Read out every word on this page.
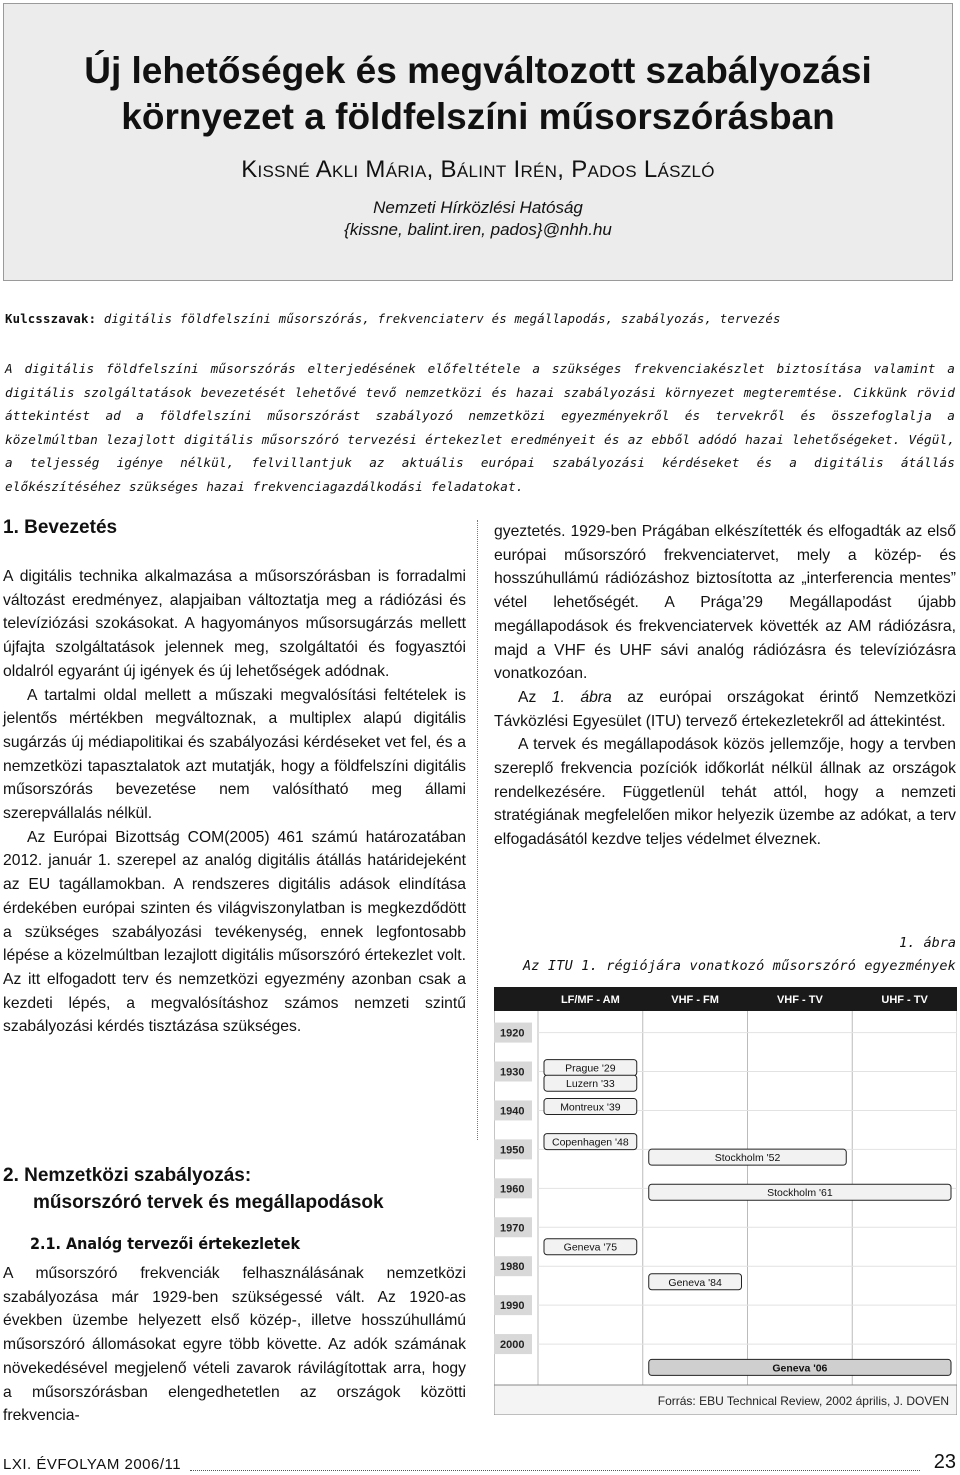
Új lehetőségek és megváltozott szabályozási
környezet a földfelszíni műsorszórásban
KISSNÉ AKLI MÁRIA, BÁLINT IRÉN, PADOS LÁSZLÓ
Nemzeti Hírközlési Hatóság
{kissne, balint.iren, pados}@nhh.hu
Kulcsszavak: digitális földfelszíni műsorszórás, frekvenciaterv és megállapodás, szabályozás, tervezés
A digitális földfelszíni műsorszórás elterjedésének előfeltétele a szükséges frekvenciakészlet biztosítása valamint a digitális szolgáltatások bevezetését lehetővé tevő nemzetközi és hazai szabályozási környezet megteremtése. Cikkünk rövid áttekintést ad a földfelszíni műsorszórást szabályozó nemzetközi egyezményekről és tervekről és összefoglalja a közelmúltban lezajlott digitális műsorszóró tervezési értekezlet eredményeit és az ebből adódó hazai lehetőségeket. Végül, a teljesség igénye nélkül, felvillantjuk az aktuális európai szabályozási kérdéseket és a digitális átállás előkészítéséhez szükséges hazai frekvenciagazdálkodási feladatokat.
1. Bevezetés

A digitális technika alkalmazása a műsorszórásban is forradalmi változást eredményez, alapjaiban változtatja meg a rádiózási és televíziózási szokásokat. A hagyományos műsorsugárzás mellett újfajta szolgáltatások jelennek meg, szolgáltatói és fogyasztói oldalról egyaránt új igények és új lehetőségek adódnak.

A tartalmi oldal mellett a műszaki megvalósítási feltételek is jelentős mértékben megváltoznak, a multiplex alapú digitális sugárzás új médiapolitikai és szabályozási kérdéseket vet fel, és a nemzetközi tapasztalatok azt mutatják, hogy a földfelszíni digitális műsorszórás bevezetése nem valósítható meg állami szerepvállalás nélkül.

Az Európai Bizottság COM(2005) 461 számú határozatában 2012. január 1. szerepel az analóg digitális átállás határidejeként az EU tagállamokban. A rendszeres digitális adások elindítása érdekében európai szinten és világviszonylatban is megkezdődött a szükséges szabályozási tevékenység, ennek legfontosabb lépése a közelmúltban lezajlott digitális műsorszóró értekezlet volt. Az itt elfogadott terv és nemzetközi egyezmény azonban csak a kezdeti lépés, a megvalósításhoz számos nemzeti szintű szabályozási kérdés tisztázása szükséges.

2. Nemzetközi szabályozás:
műsorszóró tervek és megállapodások
2.1. Analóg tervezői értekezletek

A műsorszóró frekvenciák felhasználásának nemzetközi szabályozása már 1929-ben szükségessé vált. Az 1920-as években üzembe helyezett első közép-, illetve hosszúhullámú műsorszóró állomásokat egyre több követte. Az adók számának növekedésével megjelenő vételi zavarok rávilágítottak arra, hogy a műsorszórásban elengedhetetlen az országok közötti frekvencia-

gyeztetés. 1929-ben Prágában elkészítették és elfogadták az első európai műsorszóró frekvenciatervet, mely a közép- és hosszúhullámú rádiózáshoz biztosította az „interferencia mentes” vétel lehetőségét. A Prága’29 Megállapodást újabb megállapodások és frekvenciatervek követték az AM rádiózásra, majd a VHF és UHF sávi analóg rádiózásra és televíziózásra vonatkozóan.

Az 1. ábra az európai országokat érintő Nemzetközi Távközlési Egyesület (ITU) tervező értekezletekről ad áttekintést.

A tervek és megállapodások közös jellemzője, hogy a tervben szereplő frekvencia pozíciók időkorlát nélkül állnak az országok rendelkezésére. Függetlenül tehát attól, hogy a nemzeti stratégiának megfelelően mikor helyezik üzembe az adókat, a terv elfogadásától kezdve teljes védelmet élveznek.

1. ábra
Az ITU 1. régiójára vonatkozó műsorszóró egyezmények
LF/MF - AM	VHF - FM	VHF - TV	UHF - TV
1920
1930
1940
1950
1960
1970
1980
1990
2000
Prague '29
Luzern '33
Montreux '39
Copenhagen '48
Stockholm '52
Stockholm '61
Geneva '75
Geneva '84
Geneva '06
Forrás: EBU Technical Review, 2002 április, J. DOVEN
LXI. ÉVFOLYAM 2006/11	23
